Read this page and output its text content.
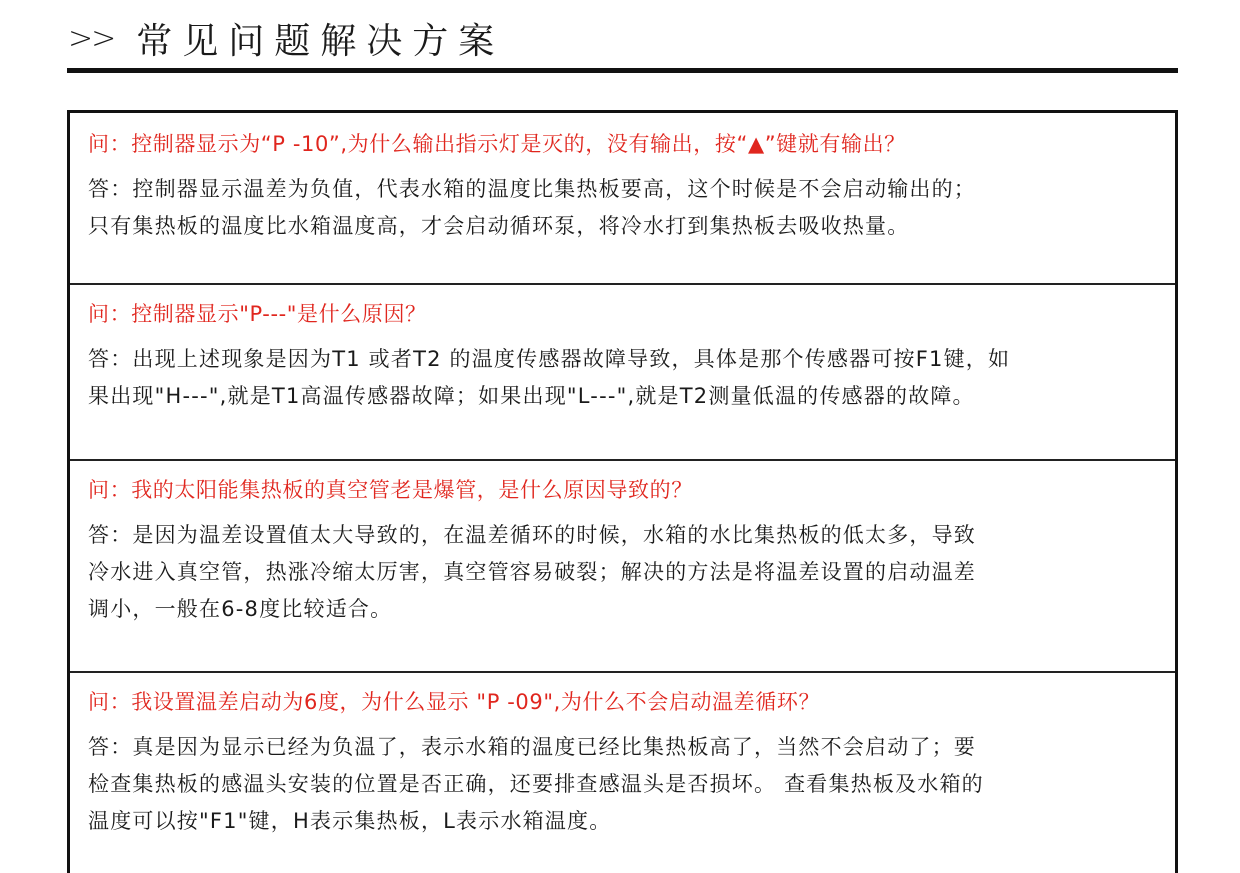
>> 常见问题解决方案
问：控制器显示为“P -10”,为什么输出指示灯是灭的，没有输出，按“▲”键就有输出？
答：控制器显示温差为负值，代表水箱的温度比集热板要高，这个时候是不会启动输出的；
只有集热板的温度比水箱温度高，才会启动循环泵，将冷水打到集热板去吸收热量。
问：控制器显示"P---"是什么原因？
答：出现上述现象是因为T1 或者T2 的温度传感器故障导致，具体是那个传感器可按F1键，如
果出现"H---",就是T1高温传感器故障；如果出现"L---",就是T2测量低温的传感器的故障。
问：我的太阳能集热板的真空管老是爆管，是什么原因导致的？
答：是因为温差设置值太大导致的，在温差循环的时候，水箱的水比集热板的低太多，导致
冷水进入真空管，热涨冷缩太厉害，真空管容易破裂；解决的方法是将温差设置的启动温差
调小，一般在6-8度比较适合。
问：我设置温差启动为6度，为什么显示 "P -09",为什么不会启动温差循环？
答：真是因为显示已经为负温了，表示水箱的温度已经比集热板高了，当然不会启动了；要
检查集热板的感温头安装的位置是否正确，还要排查感温头是否损坏。 查看集热板及水箱的
温度可以按"F1"键，H表示集热板，L表示水箱温度。
